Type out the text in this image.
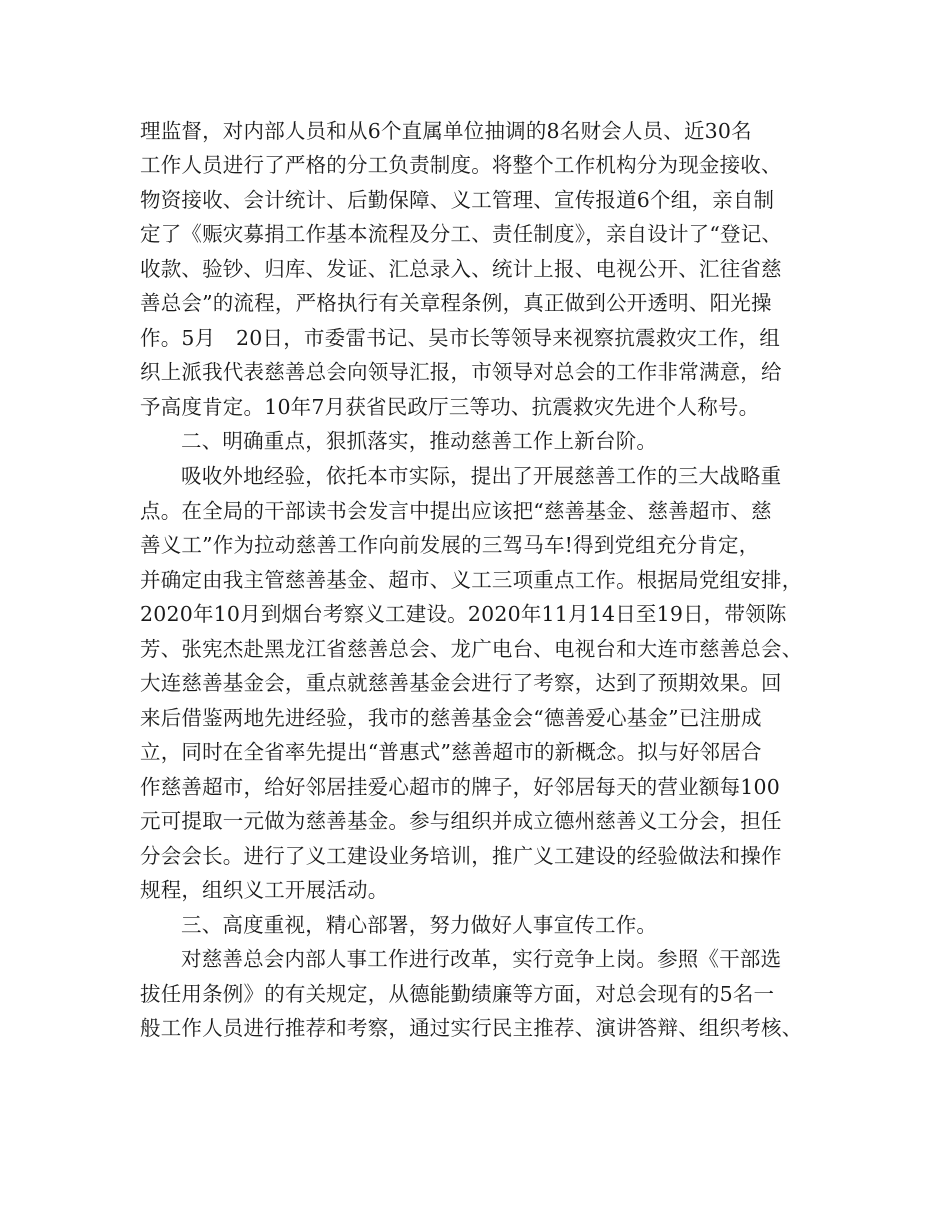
理监督，对内部人员和从6个直属单位抽调的8名财会人员、近30名
工作人员进行了严格的分工负责制度。将整个工作机构分为现金接收、
物资接收、会计统计、后勤保障、义工管理、宣传报道6个组，亲自制
定了《赈灾募捐工作基本流程及分工、责任制度》，亲自设计了“登记、
收款、验钞、归库、发证、汇总录入、统计上报、电视公开、汇往省慈
善总会”的流程，严格执行有关章程条例，真正做到公开透明、阳光操
作。5月　20日，市委雷书记、吴市长等领导来视察抗震救灾工作，组
织上派我代表慈善总会向领导汇报，市领导对总会的工作非常满意，给
予高度肯定。10年7月获省民政厅三等功、抗震救灾先进个人称号。
二、明确重点，狠抓落实，推动慈善工作上新台阶。
吸收外地经验，依托本市实际，提出了开展慈善工作的三大战略重
点。在全局的干部读书会发言中提出应该把“慈善基金、慈善超市、慈
善义工”作为拉动慈善工作向前发展的三驾马车!得到党组充分肯定，
并确定由我主管慈善基金、超市、义工三项重点工作。根据局党组安排，
2020年10月到烟台考察义工建设。2020年11月14日至19日，带领陈
芳、张宪杰赴黑龙江省慈善总会、龙广电台、电视台和大连市慈善总会、
大连慈善基金会，重点就慈善基金会进行了考察，达到了预期效果。回
来后借鉴两地先进经验，我市的慈善基金会“德善爱心基金”已注册成
立，同时在全省率先提出“普惠式”慈善超市的新概念。拟与好邻居合
作慈善超市，给好邻居挂爱心超市的牌子，好邻居每天的营业额每100
元可提取一元做为慈善基金。参与组织并成立德州慈善义工分会，担任
分会会长。进行了义工建设业务培训，推广义工建设的经验做法和操作
规程，组织义工开展活动。
三、高度重视，精心部署，努力做好人事宣传工作。
对慈善总会内部人事工作进行改革，实行竞争上岗。参照《干部选
拔任用条例》的有关规定，从德能勤绩廉等方面，对总会现有的5名一
般工作人员进行推荐和考察，通过实行民主推荐、演讲答辩、组织考核、
